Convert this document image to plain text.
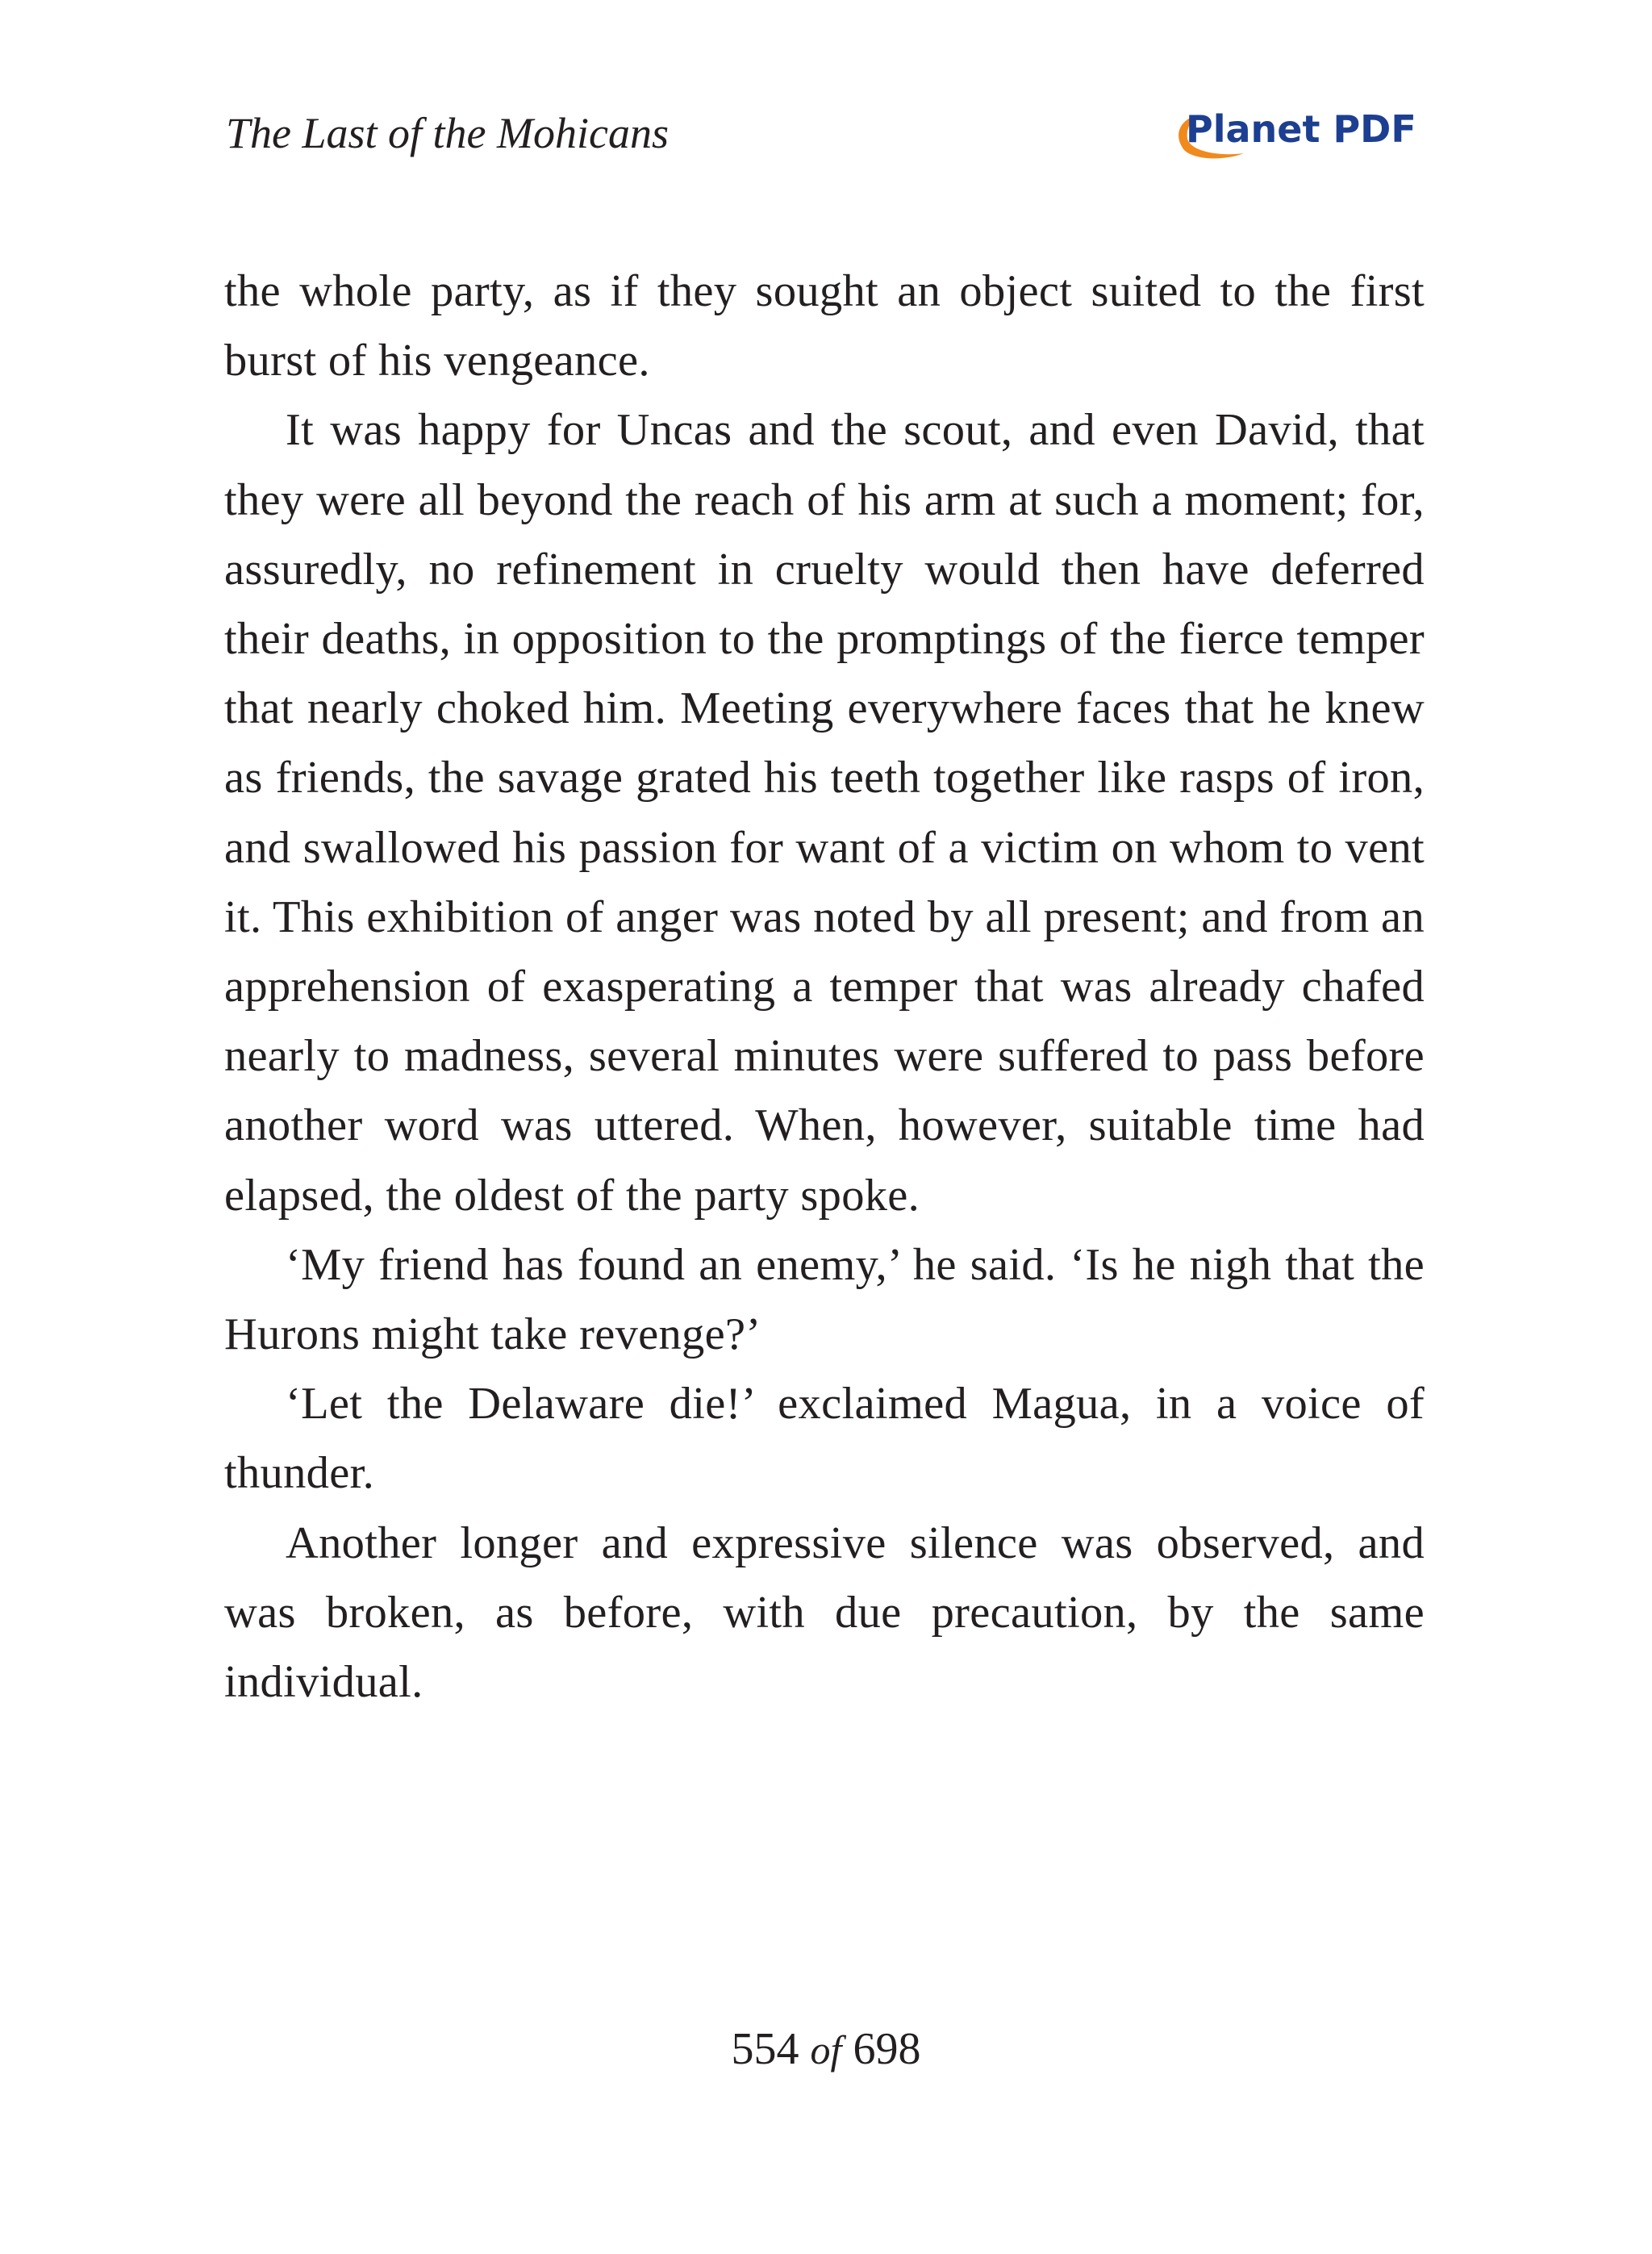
The Last of the Mohicans	Planet PDF

the whole party, as if they sought an object suited to the first burst of his vengeance.

It was happy for Uncas and the scout, and even David, that they were all beyond the reach of his arm at such a moment; for, assuredly, no refinement in cruelty would then have deferred their deaths, in opposition to the promptings of the fierce temper that nearly choked him. Meeting everywhere faces that he knew as friends, the savage grated his teeth together like rasps of iron, and swallowed his passion for want of a victim on whom to vent it. This exhibition of anger was noted by all present; and from an apprehension of exasperating a temper that was already chafed nearly to madness, several minutes were suffered to pass before another word was uttered. When, however, suitable time had elapsed, the oldest of the party spoke.

‘My friend has found an enemy,’ he said. ‘Is he nigh that the Hurons might take revenge?’

‘Let the Delaware die!’ exclaimed Magua, in a voice of thunder.

Another longer and expressive silence was observed, and was broken, as before, with due precaution, by the same individual.

554 of 698
